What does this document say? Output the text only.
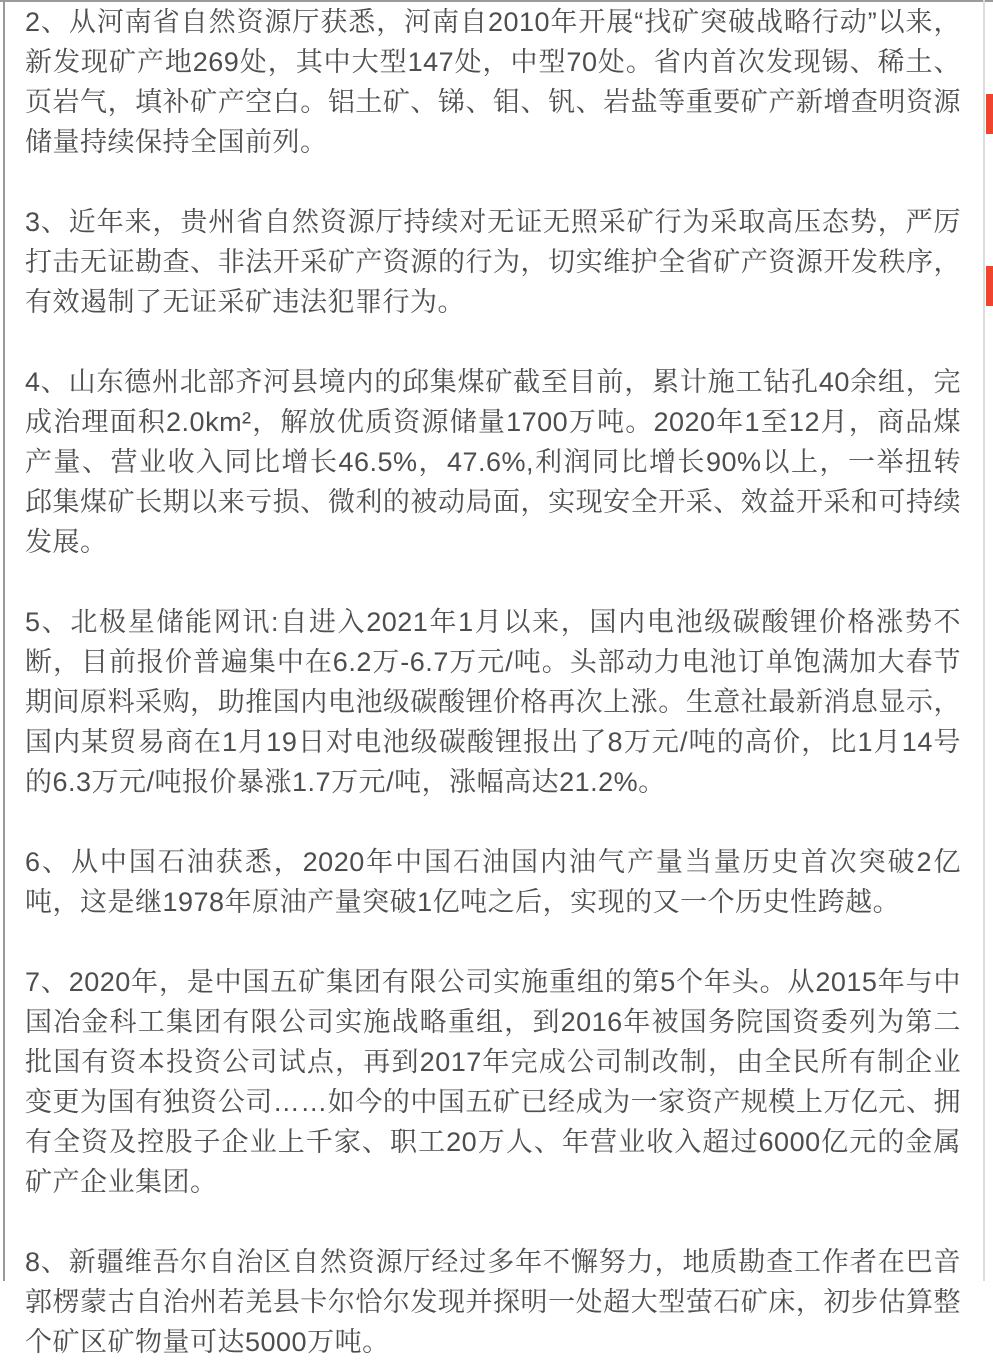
2、从河南省自然资源厅获悉，河南自2010年开展“找矿突破战略行动”以来，新发现矿产地269处，其中大型147处，中型70处。省内首次发现锡、稀土、页岩气，填补矿产空白。铝土矿、锑、钼、钒、岩盐等重要矿产新增查明资源储量持续保持全国前列。

3、近年来，贵州省自然资源厅持续对无证无照采矿行为采取高压态势，严厉打击无证勘查、非法开采矿产资源的行为，切实维护全省矿产资源开发秩序，有效遏制了无证采矿违法犯罪行为。

4、山东德州北部齐河县境内的邱集煤矿截至目前，累计施工钻孔40余组，完成治理面积2.0km²，解放优质资源储量1700万吨。2020年1至12月，商品煤产量、营业收入同比增长46.5%，47.6%,利润同比增长90%以上，一举扭转邱集煤矿长期以来亏损、微利的被动局面，实现安全开采、效益开采和可持续发展。

5、北极星储能网讯:自进入2021年1月以来，国内电池级碳酸锂价格涨势不断，目前报价普遍集中在6.2万-6.7万元/吨。头部动力电池订单饱满加大春节期间原料采购，助推国内电池级碳酸锂价格再次上涨。生意社最新消息显示，国内某贸易商在1月19日对电池级碳酸锂报出了8万元/吨的高价，比1月14号的6.3万元/吨报价暴涨1.7万元/吨，涨幅高达21.2%。

6、从中国石油获悉，2020年中国石油国内油气产量当量历史首次突破2亿吨，这是继1978年原油产量突破1亿吨之后，实现的又一个历史性跨越。

7、2020年，是中国五矿集团有限公司实施重组的第5个年头。从2015年与中国冶金科工集团有限公司实施战略重组，到2016年被国务院国资委列为第二批国有资本投资公司试点，再到2017年完成公司制改制，由全民所有制企业变更为国有独资公司……如今的中国五矿已经成为一家资产规模上万亿元、拥有全资及控股子企业上千家、职工20万人、年营业收入超过6000亿元的金属矿产企业集团。

8、新疆维吾尔自治区自然资源厅经过多年不懈努力，地质勘查工作者在巴音郭楞蒙古自治州若羌县卡尔恰尔发现并探明一处超大型萤石矿床，初步估算整个矿区矿物量可达5000万吨。
